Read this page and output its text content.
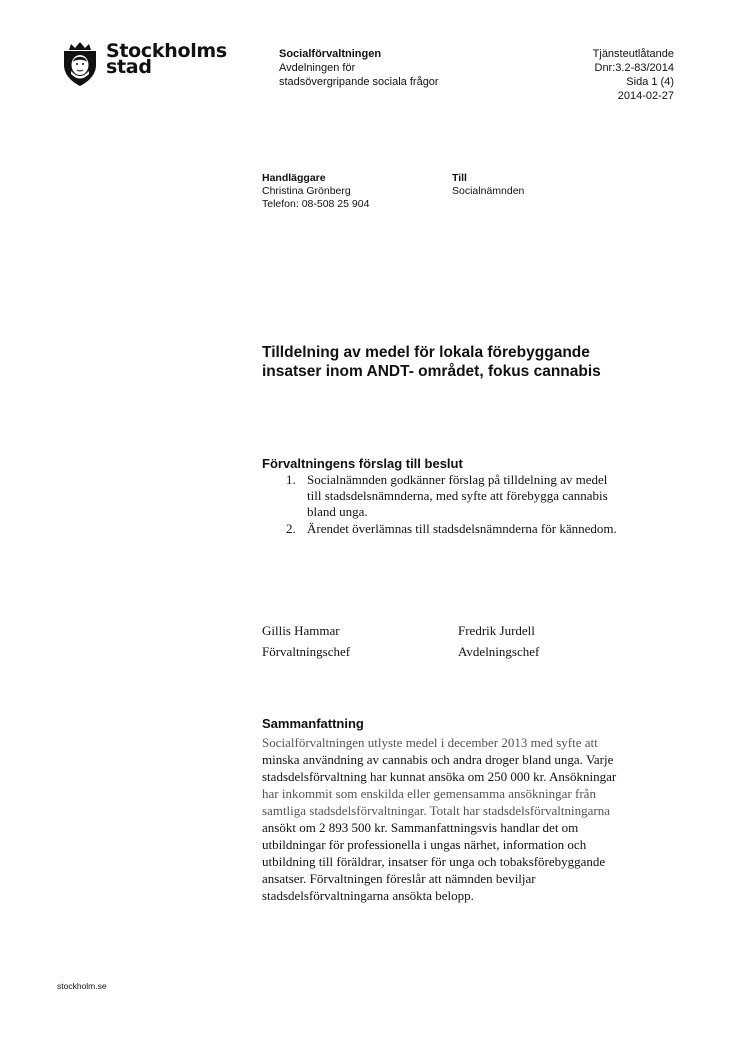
Stockholms
stad
Socialförvaltningen
Avdelningen för
stadsövergripande sociala frågor
Tjänsteutlåtande
Dnr:3.2-83/2014
Sida 1 (4)
2014-02-27
Handläggare
Christina Grönberg
Telefon: 08-508 25 904
Till
Socialnämnden
Tilldelning av medel för lokala förebyggande
insatser inom ANDT- området, fokus cannabis
Förvaltningens förslag till beslut
1. Socialnämnden godkänner förslag på tilldelning av medel
till stadsdelsnämnderna, med syfte att förebygga cannabis
bland unga.
2. Ärendet överlämnas till stadsdelsnämnderna för kännedom.
Gillis Hammar
Förvaltningschef
Fredrik Jurdell
Avdelningschef
Sammanfattning
Socialförvaltningen utlyste medel i december 2013 med syfte att
minska användning av cannabis och andra droger bland unga. Varje
stadsdelsförvaltning har kunnat ansöka om 250 000 kr. Ansökningar
har inkommit som enskilda eller gemensamma ansökningar från
samtliga stadsdelsförvaltningar. Totalt har stadsdelsförvaltningarna
ansökt om 2 893 500 kr. Sammanfattningsvis handlar det om
utbildningar för professionella i ungas närhet, information och
utbildning till föräldrar, insatser för unga och tobaksförebyggande
ansatser. Förvaltningen föreslår att nämnden beviljar
stadsdelsförvaltningarna ansökta belopp.
stockholm.se
